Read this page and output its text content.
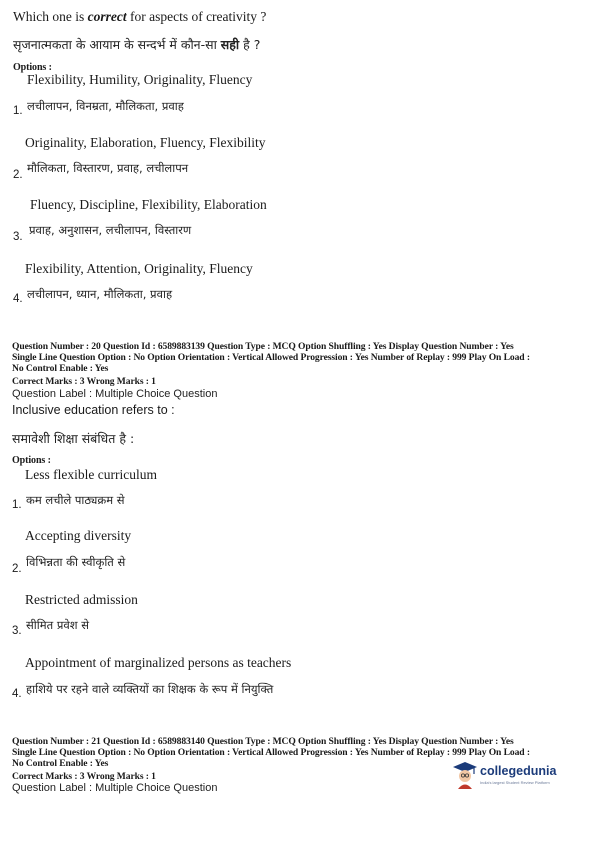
Which one is correct for aspects of creativity ?
सृजनात्मकता के आयाम के सन्दर्भ में कौन-सा सही है ?
Options :
Flexibility, Humility, Originality, Fluency
1. लचीलापन, विनम्रता, मौलिकता, प्रवाह
Originality, Elaboration, Fluency, Flexibility
2. मौलिकता, विस्तारण, प्रवाह, लचीलापन
Fluency, Discipline, Flexibility, Elaboration
3. प्रवाह, अनुशासन, लचीलापन, विस्तारण
Flexibility, Attention, Originality, Fluency
4. लचीलापन, ध्यान, मौलिकता, प्रवाह
Question Number : 20 Question Id : 6589883139 Question Type : MCQ Option Shuffling : Yes Display Question Number : Yes
Single Line Question Option : No Option Orientation : Vertical Allowed Progression : Yes Number of Replay : 999 Play On Load :
No Control Enable : Yes
Correct Marks : 3 Wrong Marks : 1
Question Label : Multiple Choice Question
Inclusive education refers to :
समावेशी शिक्षा संबंधित है :
Options :
Less flexible curriculum
1. कम लचीले पाठ्यक्रम से
Accepting diversity
2. विभिन्नता की स्वीकृति से
Restricted admission
3. सीमित प्रवेश से
Appointment of marginalized persons as teachers
4. हाशिये पर रहने वाले व्यक्तियों का शिक्षक के रूप में नियुक्ति
Question Number : 21 Question Id : 6589883140 Question Type : MCQ Option Shuffling : Yes Display Question Number : Yes
Single Line Question Option : No Option Orientation : Vertical Allowed Progression : Yes Number of Replay : 999 Play On Load :
No Control Enable : Yes
Correct Marks : 3 Wrong Marks : 1
Question Label : Multiple Choice Question
collegedunia
India's largest Student Review Platform
